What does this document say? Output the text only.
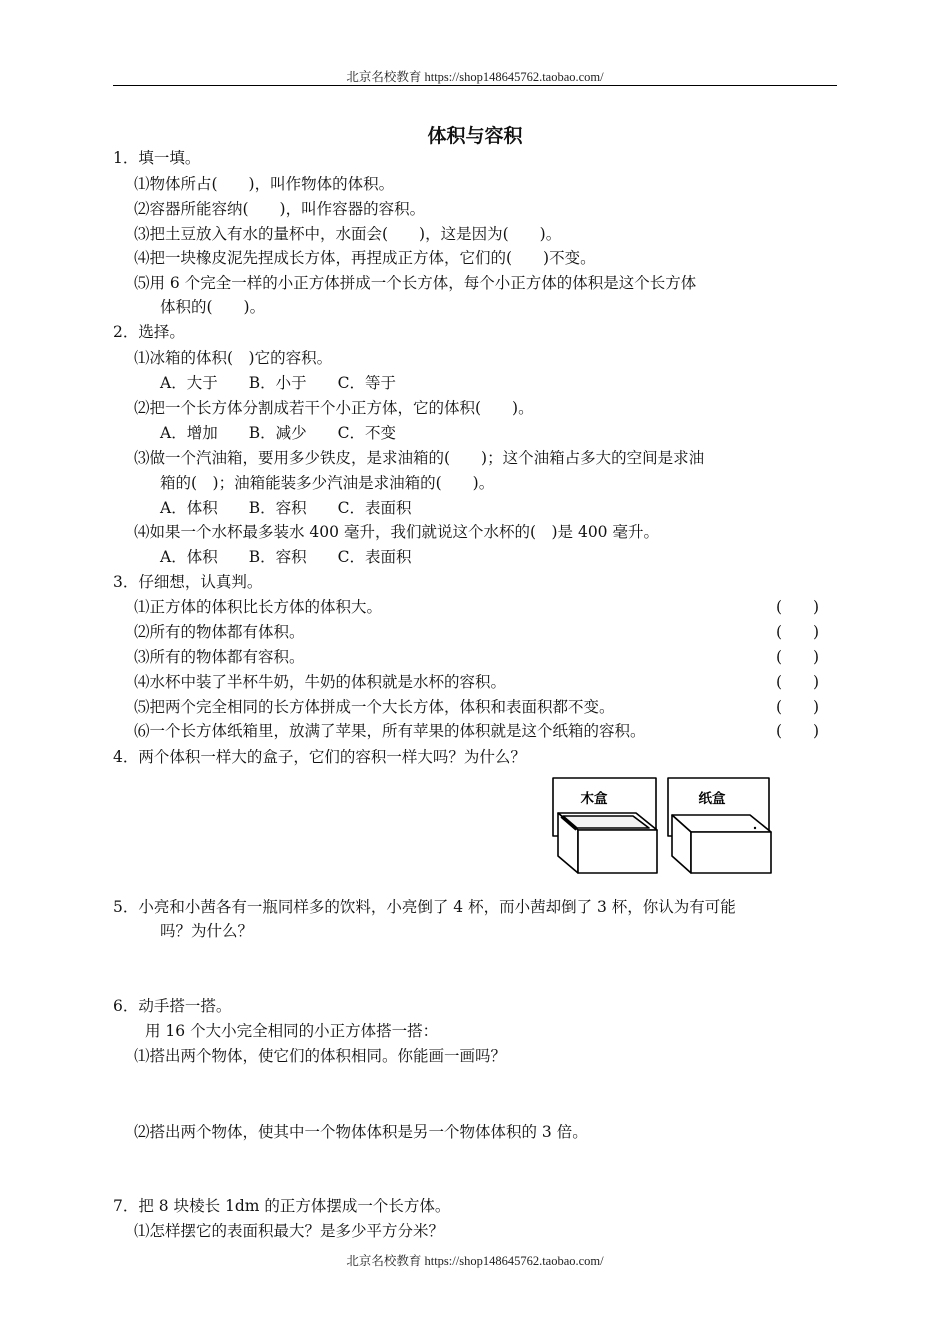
北京名校教育 https://shop148645762.taobao.com/
体积与容积
1．填一填。
⑴物体所占(　　)，叫作物体的体积。
⑵容器所能容纳(　　)，叫作容器的容积。
⑶把土豆放入有水的量杯中，水面会(　　)，这是因为(　　)。
⑷把一块橡皮泥先捏成长方体，再捏成正方体，它们的(　　)不变。
⑸用 6 个完全一样的小正方体拼成一个长方体，每个小正方体的体积是这个长方体
体积的(　　)。
2．选择。
⑴冰箱的体积(　)它的容积。
A．大于　　B．小于　　C．等于
⑵把一个长方体分割成若干个小正方体，它的体积(　　)。
A．增加　　B．减少　　C．不变
⑶做一个汽油箱，要用多少铁皮，是求油箱的(　　)；这个油箱占多大的空间是求油
箱的(　)；油箱能装多少汽油是求油箱的(　　)。
A．体积　　B．容积　　C．表面积
⑷如果一个水杯最多装水 400 毫升，我们就说这个水杯的(　)是 400 毫升。
A．体积　　B．容积　　C．表面积
3．仔细想，认真判。
⑴正方体的体积比长方体的体积大。	(　　)
⑵所有的物体都有体积。	(　　)
⑶所有的物体都有容积。	(　　)
⑷水杯中装了半杯牛奶，牛奶的体积就是水杯的容积。	(　　)
⑸把两个完全相同的长方体拼成一个大长方体，体积和表面积都不变。	(　　)
⑹一个长方体纸箱里，放满了苹果，所有苹果的体积就是这个纸箱的容积。	(　　)
4．两个体积一样大的盒子，它们的容积一样大吗？为什么？
木盒	纸盒
5．小亮和小茜各有一瓶同样多的饮料，小亮倒了 4 杯，而小茜却倒了 3 杯，你认为有可能
吗？为什么？
6．动手搭一搭。
用 16 个大小完全相同的小正方体搭一搭：
⑴搭出两个物体，使它们的体积相同。你能画一画吗？
⑵搭出两个物体，使其中一个物体体积是另一个物体体积的 3 倍。
7．把 8 块棱长 1dm 的正方体摆成一个长方体。
⑴怎样摆它的表面积最大？是多少平方分米？
北京名校教育 https://shop148645762.taobao.com/
